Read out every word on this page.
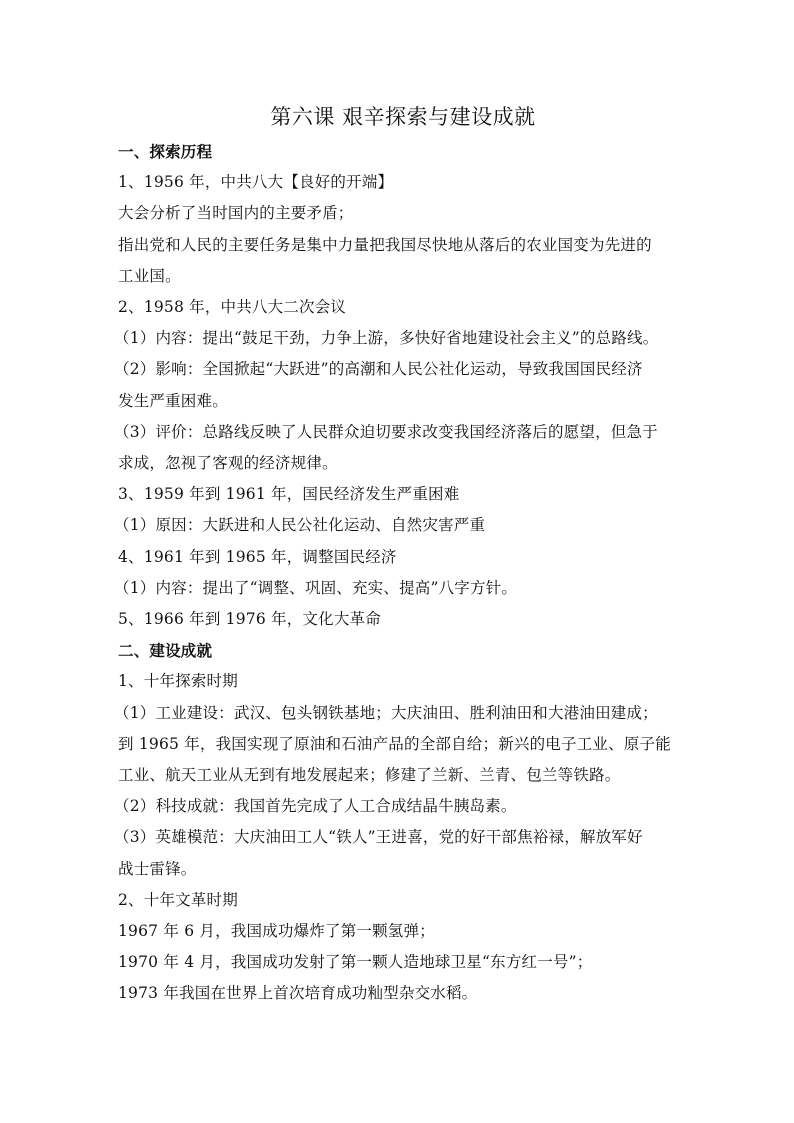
第六课 艰辛探索与建设成就
一、探索历程
1、1956 年，中共八大【良好的开端】
大会分析了当时国内的主要矛盾；
指出党和人民的主要任务是集中力量把我国尽快地从落后的农业国变为先进的
工业国。
2、1958 年，中共八大二次会议
（1）内容：提出“鼓足干劲，力争上游，多快好省地建设社会主义”的总路线。
（2）影响：全国掀起“大跃进”的高潮和人民公社化运动，导致我国国民经济
发生严重困难。
（3）评价：总路线反映了人民群众迫切要求改变我国经济落后的愿望，但急于
求成，忽视了客观的经济规律。
3、1959 年到 1961 年，国民经济发生严重困难
（1）原因：大跃进和人民公社化运动、自然灾害严重
4、1961 年到 1965 年，调整国民经济
（1）内容：提出了“调整、巩固、充实、提高”八字方针。
5、1966 年到 1976 年，文化大革命
二、建设成就
1、十年探索时期
（1）工业建设：武汉、包头钢铁基地；大庆油田、胜利油田和大港油田建成；
到 1965 年，我国实现了原油和石油产品的全部自给；新兴的电子工业、原子能
工业、航天工业从无到有地发展起来；修建了兰新、兰青、包兰等铁路。
（2）科技成就：我国首先完成了人工合成结晶牛胰岛素。
（3）英雄模范：大庆油田工人“铁人”王进喜，党的好干部焦裕禄，解放军好
战士雷锋。
2、十年文革时期
1967 年 6 月，我国成功爆炸了第一颗氢弹；
1970 年 4 月，我国成功发射了第一颗人造地球卫星“东方红一号”；
1973 年我国在世界上首次培育成功籼型杂交水稻。
